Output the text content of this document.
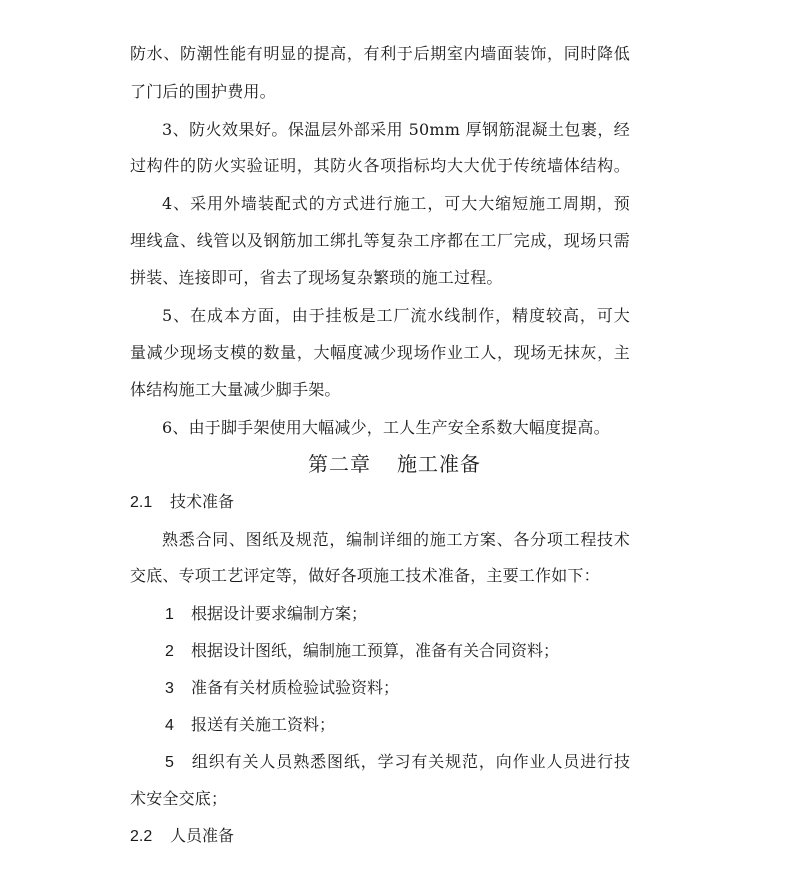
防水、防潮性能有明显的提高，有利于后期室内墙面装饰，同时降低
了门后的围护费用。
3、防火效果好。保温层外部采用 50mm 厚钢筋混凝土包裹，经
过构件的防火实验证明，其防火各项指标均大大优于传统墙体结构。
4、采用外墙装配式的方式进行施工，可大大缩短施工周期，预
埋线盒、线管以及钢筋加工绑扎等复杂工序都在工厂完成，现场只需
拼装、连接即可，省去了现场复杂繁琐的施工过程。
5、在成本方面，由于挂板是工厂流水线制作，精度较高，可大
量减少现场支模的数量，大幅度减少现场作业工人，现场无抹灰，主
体结构施工大量减少脚手架。
6、由于脚手架使用大幅减少，工人生产安全系数大幅度提高。
第二章 施工准备
2.1 技术准备
熟悉合同、图纸及规范，编制详细的施工方案、各分项工程技术
交底、专项工艺评定等，做好各项施工技术准备，主要工作如下：
1 根据设计要求编制方案；
2 根据设计图纸，编制施工预算，准备有关合同资料；
3 准备有关材质检验试验资料；
4 报送有关施工资料；
5 组织有关人员熟悉图纸，学习有关规范，向作业人员进行技
术安全交底；
2.2 人员准备
